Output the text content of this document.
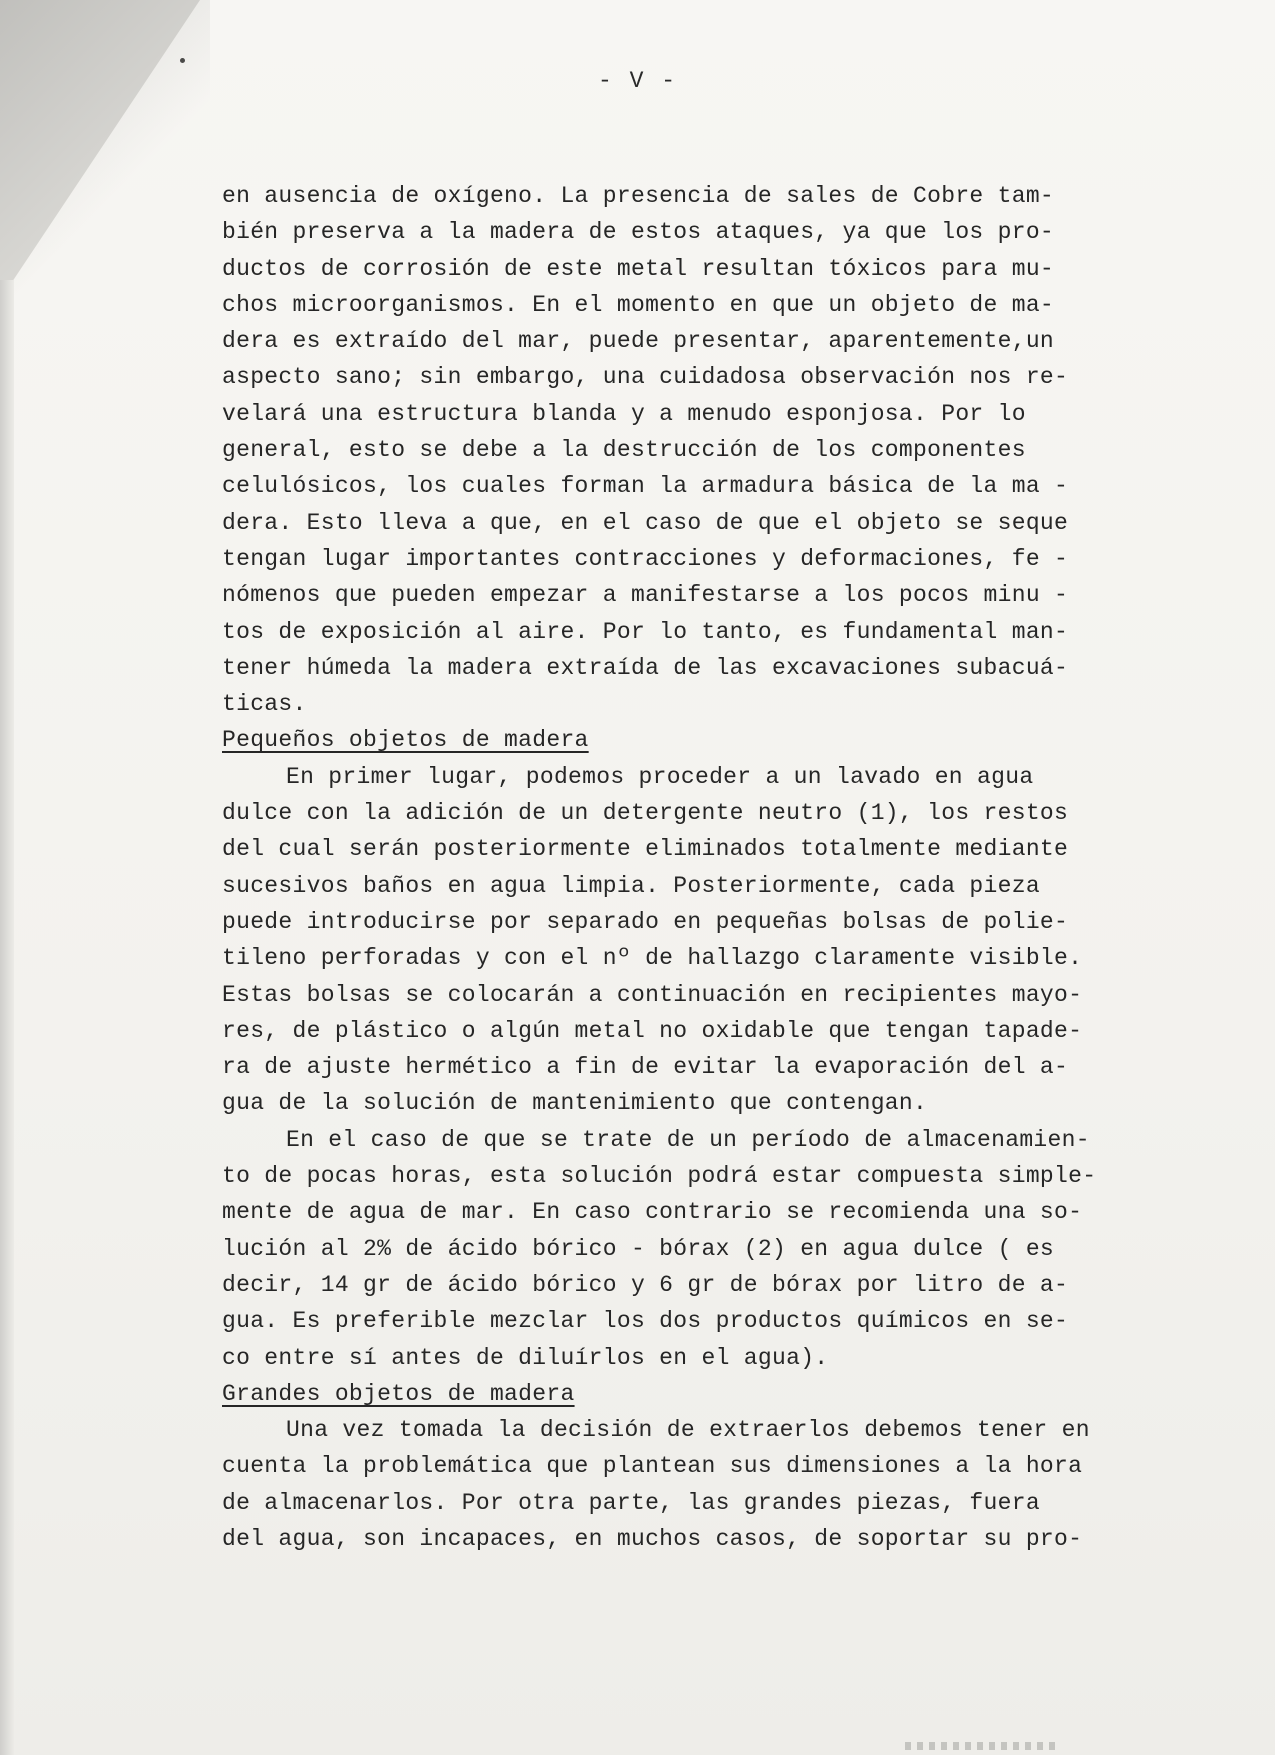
- V -
en ausencia de oxígeno. La presencia de sales de Cobre tam-
bién preserva a la madera de estos ataques, ya que los pro-
ductos de corrosión de este metal resultan tóxicos para mu-
chos microorganismos. En el momento en que un objeto de ma-
dera es extraído del mar, puede presentar, aparentemente,un
aspecto sano; sin embargo, una cuidadosa observación nos re-
velará una estructura blanda y a menudo esponjosa. Por lo
general, esto se debe a la destrucción de los componentes
celulósicos, los cuales forman la armadura básica de la ma -
dera. Esto lleva a que, en el caso de que el objeto se seque
tengan lugar importantes contracciones y deformaciones, fe -
nómenos que pueden empezar a manifestarse a los pocos minu -
tos de exposición al aire. Por lo tanto, es fundamental man-
tener húmeda la madera extraída de las excavaciones subacuá-
ticas.
Pequeños objetos de madera
En primer lugar, podemos proceder a un lavado en agua
dulce con la adición de un detergente neutro (1), los restos
del cual serán posteriormente eliminados totalmente mediante
sucesivos baños en agua limpia. Posteriormente, cada pieza
puede introducirse por separado en pequeñas bolsas de polie-
tileno perforadas y con el nº de hallazgo claramente visible.
Estas bolsas se colocarán a continuación en recipientes mayo-
res, de plástico o algún metal no oxidable que tengan tapade-
ra de ajuste hermético a fin de evitar la evaporación del a-
gua de la solución de mantenimiento que contengan.
En el caso de que se trate de un período de almacenamien-
to de pocas horas, esta solución podrá estar compuesta simple-
mente de agua de mar. En caso contrario se recomienda una so-
lución al 2% de ácido bórico - bórax (2) en agua dulce ( es
decir, 14 gr de ácido bórico y 6 gr de bórax por litro de a-
gua. Es preferible mezclar los dos productos químicos en se-
co entre sí antes de diluírlos en el agua).
Grandes objetos de madera
Una vez tomada la decisión de extraerlos debemos tener en
cuenta la problemática que plantean sus dimensiones a la hora
de almacenarlos. Por otra parte, las grandes piezas, fuera
del agua, son incapaces, en muchos casos, de soportar su pro-
